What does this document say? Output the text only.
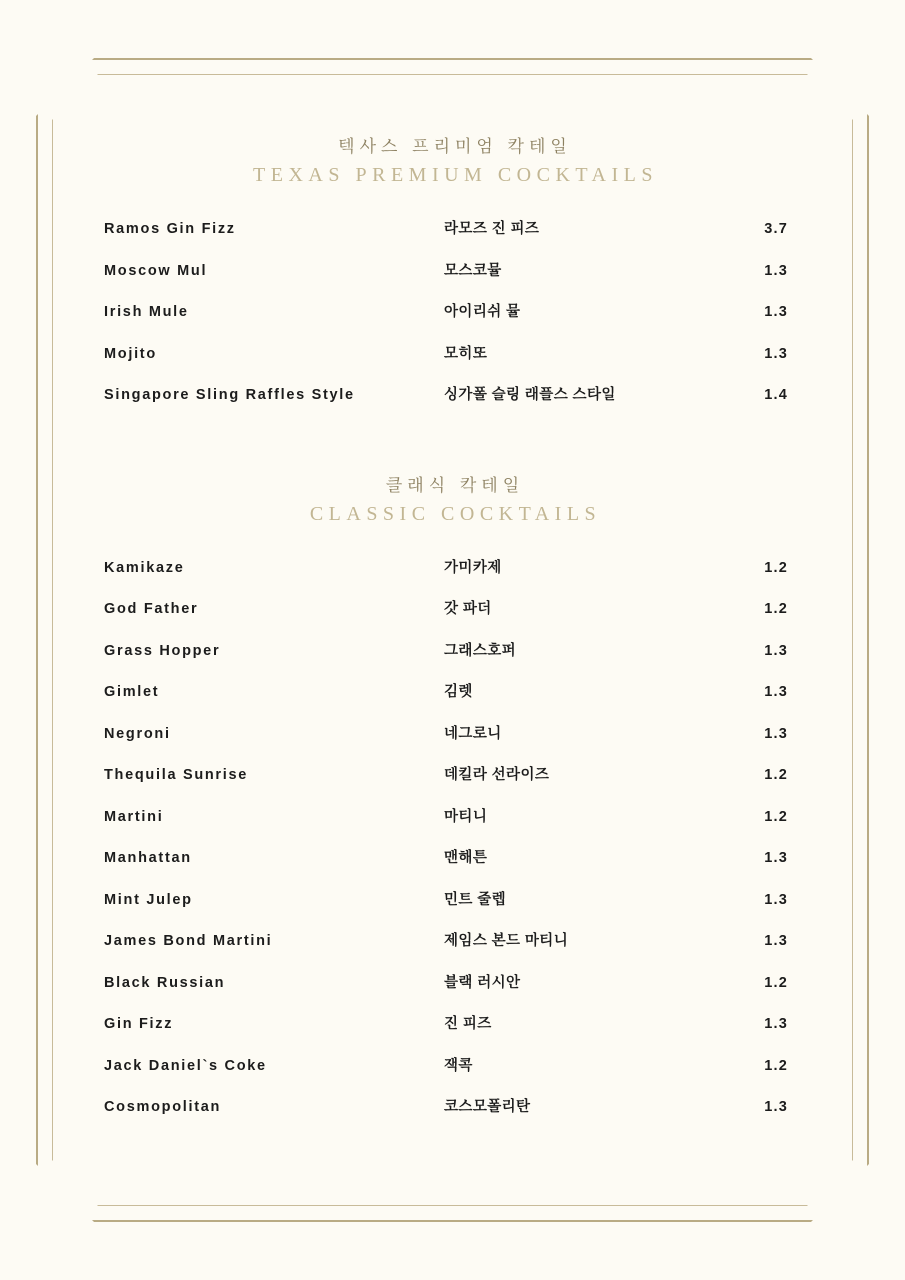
텍사스 프리미엄 칵테일
TEXAS PREMIUM COCKTAILS
Ramos Gin Fizz	라모즈 진 피즈	3.7
Moscow Mul	모스코뮬	1.3
Irish Mule	아이리쉬 뮬	1.3
Mojito	모히또	1.3
Singapore Sling Raffles Style	싱가폴 슬링 래플스 스타일	1.4
클래식 칵테일
CLASSIC COCKTAILS
Kamikaze	가미카제	1.2
God Father	갓 파더	1.2
Grass Hopper	그래스호퍼	1.3
Gimlet	김렛	1.3
Negroni	네그로니	1.3
Thequila Sunrise	데킬라 선라이즈	1.2
Martini	마티니	1.2
Manhattan	맨해튼	1.3
Mint Julep	민트 줄렙	1.3
James Bond Martini	제임스 본드 마티니	1.3
Black Russian	블랙 러시안	1.2
Gin Fizz	진 피즈	1.3
Jack Daniel`s Coke	잭콕	1.2
Cosmopolitan	코스모폴리탄	1.3
